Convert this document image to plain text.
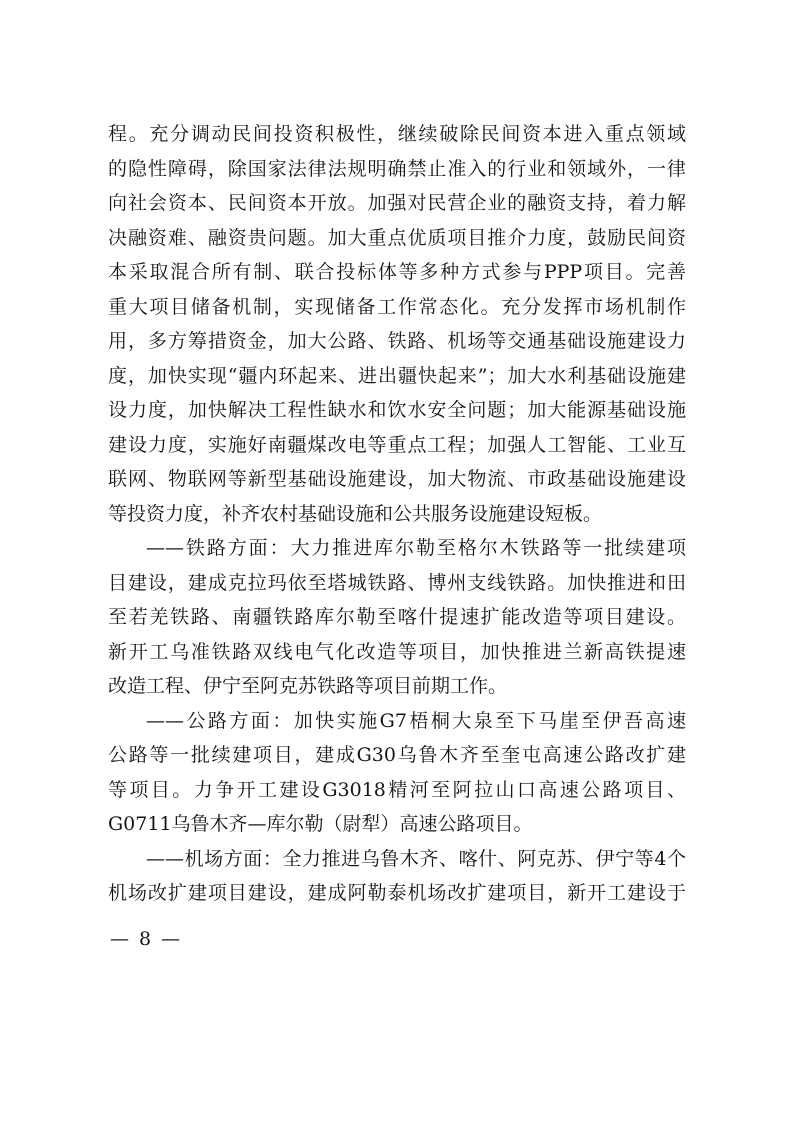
程。充分调动民间投资积极性，继续破除民间资本进入重点领域
的隐性障碍，除国家法律法规明确禁止准入的行业和领域外，一律
向社会资本、民间资本开放。加强对民营企业的融资支持，着力解
决融资难、融资贵问题。加大重点优质项目推介力度，鼓励民间资
本采取混合所有制、联合投标体等多种方式参与PPP项目。完善
重大项目储备机制，实现储备工作常态化。充分发挥市场机制作
用，多方筹措资金，加大公路、铁路、机场等交通基础设施建设力
度，加快实现“疆内环起来、进出疆快起来”；加大水利基础设施建
设力度，加快解决工程性缺水和饮水安全问题；加大能源基础设施
建设力度，实施好南疆煤改电等重点工程；加强人工智能、工业互
联网、物联网等新型基础设施建设，加大物流、市政基础设施建设
等投资力度，补齐农村基础设施和公共服务设施建设短板。
——铁路方面：大力推进库尔勒至格尔木铁路等一批续建项
目建设，建成克拉玛依至塔城铁路、博州支线铁路。加快推进和田
至若羌铁路、南疆铁路库尔勒至喀什提速扩能改造等项目建设。
新开工乌准铁路双线电气化改造等项目，加快推进兰新高铁提速
改造工程、伊宁至阿克苏铁路等项目前期工作。
——公路方面：加快实施G7梧桐大泉至下马崖至伊吾高速
公路等一批续建项目，建成G30乌鲁木齐至奎屯高速公路改扩建
等项目。力争开工建设G3018精河至阿拉山口高速公路项目、
G0711乌鲁木齐—库尔勒（尉犁）高速公路项目。
——机场方面：全力推进乌鲁木齐、喀什、阿克苏、伊宁等4个
机场改扩建项目建设，建成阿勒泰机场改扩建项目，新开工建设于
— 8 —
